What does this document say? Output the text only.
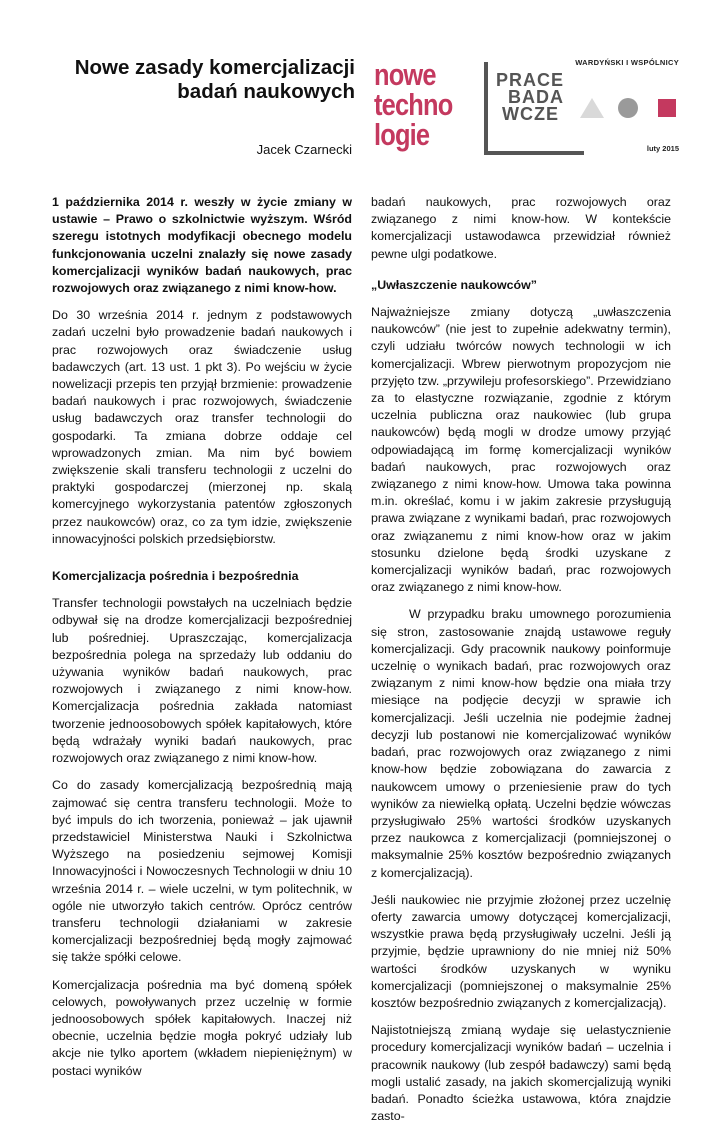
Nowe zasady komercjalizacji badań naukowych
Jacek Czarnecki
nowe
techno
logie
PRACE
BADA
WCZE
WARDYŃSKI I WSPÓLNICY
luty 2015

1 października 2014 r. weszły w życie zmiany w ustawie – Prawo o szkolnictwie wyższym. Wśród szeregu istotnych modyfikacji obecnego modelu funkcjonowania uczelni znalazły się nowe zasady komercjalizacji wyników badań naukowych, prac rozwojowych oraz związanego z nimi know-how.

Do 30 września 2014 r. jednym z podstawowych zadań uczelni było prowadzenie badań naukowych i prac rozwojowych oraz świadczenie usług badawczych (art. 13 ust. 1 pkt 3). Po wejściu w życie nowelizacji przepis ten przyjął brzmienie: prowadzenie badań naukowych i prac rozwojowych, świadczenie usług badawczych oraz transfer technologii do gospodarki. Ta zmiana dobrze oddaje cel wprowadzonych zmian. Ma nim być bowiem zwiększenie skali transferu technologii z uczelni do praktyki gospodarczej (mierzonej np. skalą komercyjnego wykorzystania patentów zgłoszonych przez naukowców) oraz, co za tym idzie, zwiększenie innowacyjności polskich przedsiębiorstw.

Komercjalizacja pośrednia i bezpośrednia

Transfer technologii powstałych na uczelniach będzie odbywał się na drodze komercjalizacji bezpośredniej lub pośredniej. Upraszczając, komercjalizacja bezpośrednia polega na sprzedaży lub oddaniu do używania wyników badań naukowych, prac rozwojowych i związanego z nimi know-how. Komercjalizacja pośrednia zakłada natomiast tworzenie jednoosobowych spółek kapitałowych, które będą wdrażały wyniki badań naukowych, prac rozwojowych oraz związanego z nimi know-how.

Co do zasady komercjalizacją bezpośrednią mają zajmować się centra transferu technologii. Może to być impuls do ich tworzenia, ponieważ – jak ujawnił przedstawiciel Ministerstwa Nauki i Szkolnictwa Wyższego na posiedzeniu sejmowej Komisji Innowacyjności i Nowoczesnych Technologii w dniu 10 września 2014 r. – wiele uczelni, w tym politechnik, w ogóle nie utworzyło takich centrów. Oprócz centrów transferu technologii działaniami w zakresie komercjalizacji bezpośredniej będą mogły zajmować się także spółki celowe.

Komercjalizacja pośrednia ma być domeną spółek celowych, powoływanych przez uczelnię w formie jednoosobowych spółek kapitałowych. Inaczej niż obecnie, uczelnia będzie mogła pokryć udziały lub akcje nie tylko aportem (wkładem niepieniężnym) w postaci wyników

badań naukowych, prac rozwojowych oraz związanego z nimi know-how. W kontekście komercjalizacji ustawodawca przewidział również pewne ulgi podatkowe.

„Uwłaszczenie naukowców”

Najważniejsze zmiany dotyczą „uwłaszczenia naukowców” (nie jest to zupełnie adekwatny termin), czyli udziału twórców nowych technologii w ich komercjalizacji. Wbrew pierwotnym propozycjom nie przyjęto tzw. „przywileju profesorskiego”. Przewidziano za to elastyczne rozwiązanie, zgodnie z którym uczelnia publiczna oraz naukowiec (lub grupa naukowców) będą mogli w drodze umowy przyjąć odpowiadającą im formę komercjalizacji wyników badań naukowych, prac rozwojowych oraz związanego z nimi know-how. Umowa taka powinna m.in. określać, komu i w jakim zakresie przysługują prawa związane z wynikami badań, prac rozwojowych oraz związanemu z nimi know-how oraz w jakim stosunku dzielone będą środki uzyskane z komercjalizacji wyników badań, prac rozwojowych oraz związanego z nimi know-how.

W przypadku braku umownego porozumienia się stron, zastosowanie znajdą ustawowe reguły komercjalizacji. Gdy pracownik naukowy poinformuje uczelnię o wynikach badań, prac rozwojowych oraz związanym z nimi know-how będzie ona miała trzy miesiące na podjęcie decyzji w sprawie ich komercjalizacji. Jeśli uczelnia nie podejmie żadnej decyzji lub postanowi nie komercjalizować wyników badań, prac rozwojowych oraz związanego z nimi know-how będzie zobowiązana do zawarcia z naukowcem umowy o przeniesienie praw do tych wyników za niewielką opłatą. Uczelni będzie wówczas przysługiwało 25% wartości środków uzyskanych przez naukowca z komercjalizacji (pomniejszonej o maksymalnie 25% kosztów bezpośrednio związanych z komercjalizacją).

Jeśli naukowiec nie przyjmie złożonej przez uczelnię oferty zawarcia umowy dotyczącej komercjalizacji, wszystkie prawa będą przysługiwały uczelni. Jeśli ją przyjmie, będzie uprawniony do nie mniej niż 50% wartości środków uzyskanych w wyniku komercjalizacji (pomniejszonej o maksymalnie 25% kosztów bezpośrednio związanych z komercjalizacją).

Najistotniejszą zmianą wydaje się uelastycznienie procedury komercjalizacji wyników badań – uczelnia i pracownik naukowy (lub zespół badawczy) sami będą mogli ustalić zasady, na jakich skomercjalizują wyniki badań. Ponadto ścieżka ustawowa, która znajdzie zasto-
